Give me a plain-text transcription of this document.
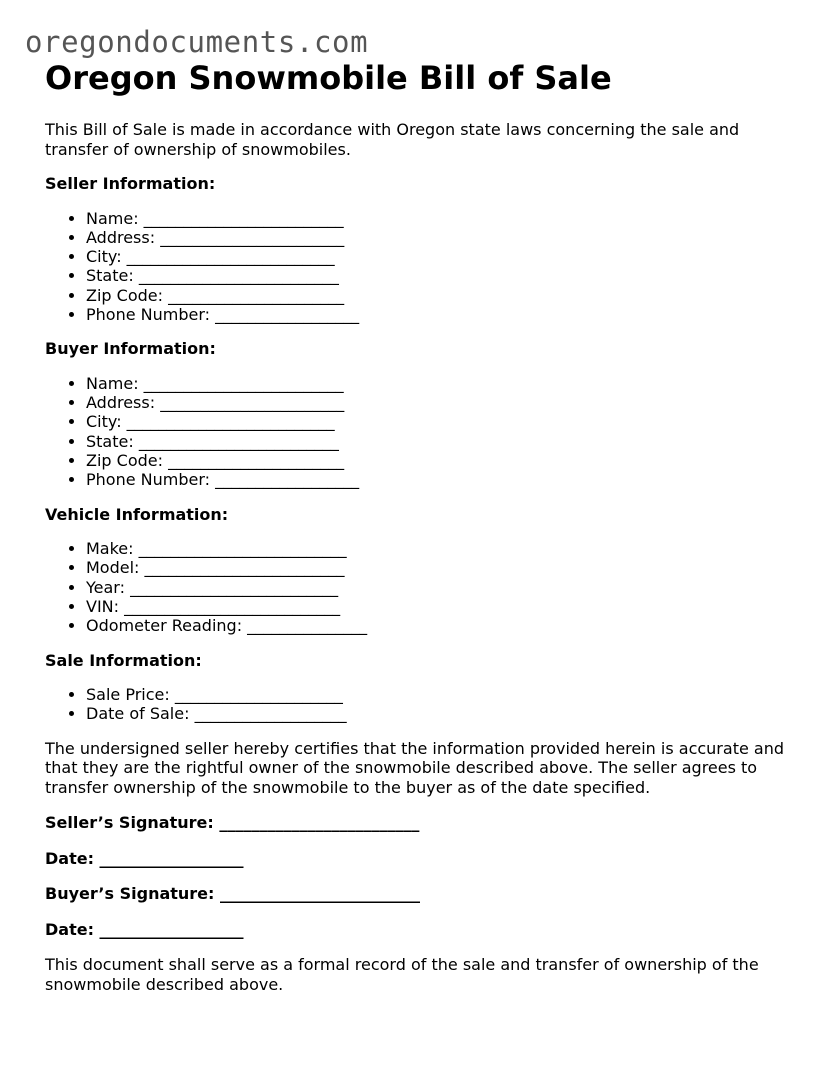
oregondocuments.com
Oregon Snowmobile Bill of Sale

This Bill of Sale is made in accordance with Oregon state laws concerning the sale and transfer of ownership of snowmobiles.

Seller Information:
• Name: _________________________
• Address: _______________________
• City: __________________________
• State: _________________________
• Zip Code: ______________________
• Phone Number: __________________
Buyer Information:
• Name: _________________________
• Address: _______________________
• City: __________________________
• State: _________________________
• Zip Code: ______________________
• Phone Number: __________________
Vehicle Information:
• Make: __________________________
• Model: _________________________
• Year: __________________________
• VIN: ___________________________
• Odometer Reading: _______________
Sale Information:
• Sale Price: _____________________
• Date of Sale: ___________________

The undersigned seller hereby certifies that the information provided herein is accurate and that they are the rightful owner of the snowmobile described above. The seller agrees to transfer ownership of the snowmobile to the buyer as of the date specified.

Seller’s Signature: _________________________
Date: __________________
Buyer’s Signature: _________________________
Date: __________________

This document shall serve as a formal record of the sale and transfer of ownership of the snowmobile described above.
